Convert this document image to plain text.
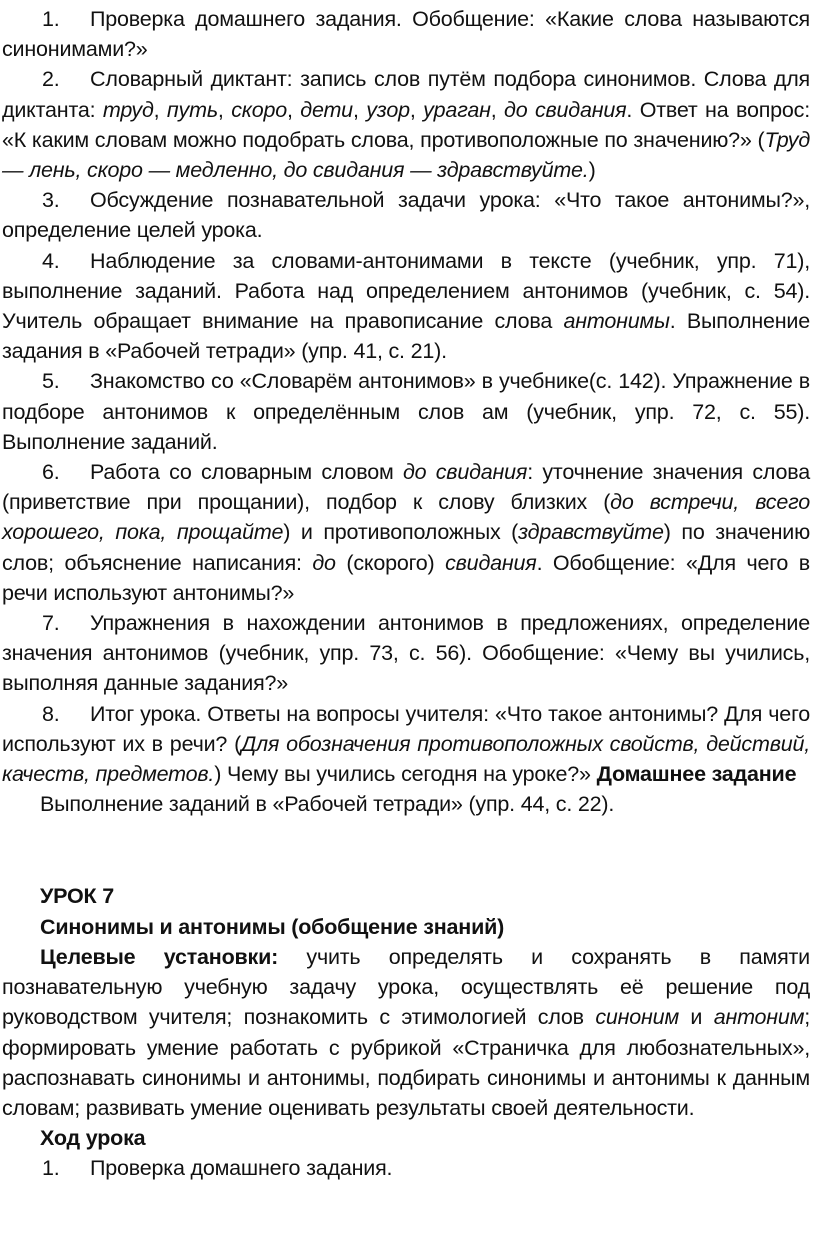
1. Проверка домашнего задания. Обобщение: «Какие слова называются синонимами?»

2. Словарный диктант: запись слов путём подбора синонимов. Слова для диктанта: труд, путь, скоро, дети, узор, ураган, до свидания. Ответ на вопрос: «К каким словам можно подобрать слова, противоположные по значению?» (Труд — лень, скоро — медленно, до свидания — здравствуйте.)

3. Обсуждение познавательной задачи урока: «Что такое антонимы?», определение целей урока.

4. Наблюдение за словами-антонимами в тексте (учебник, упр. 71), выполнение заданий. Работа над определением антонимов (учебник, с. 54). Учитель обращает внимание на правописание слова антонимы. Выполнение задания в «Рабочей тетради» (упр. 41, с. 21).

5. Знакомство со «Словарём антонимов» в учебнике(с. 142). Упражнение в подборе антонимов к определённым слов ам (учебник, упр. 72, с. 55). Выполнение заданий.

6. Работа со словарным словом до свидания: уточнение значения слова (приветствие при прощании), подбор к слову близких (до встречи, всего хорошего, пока, прощайте) и противоположных (здравствуйте) по значению слов; объяснение написания: до (скорого) свидания. Обобщение: «Для чего в речи используют антонимы?»

7. Упражнения в нахождении антонимов в предложениях, определение значения антонимов (учебник, упр. 73, с. 56). Обобщение: «Чему вы учились, выполняя данные задания?»

8. Итог урока. Ответы на вопросы учителя: «Что такое антонимы? Для чего используют их в речи? (Для обозначения противоположных свойств, действий, качеств, предметов.) Чему вы учились сегодня на уроке?» Домашнее задание

Выполнение заданий в «Рабочей тетради» (упр. 44, с. 22).

УРОК 7

Синонимы и антонимы (обобщение знаний)

Целевые установки: учить определять и сохранять в памяти познавательную учебную задачу урока, осуществлять её решение под руководством учителя; познакомить с этимологией слов синоним и антоним; формировать умение работать с рубрикой «Страничка для любознательных», распознавать синонимы и антонимы, подбирать синонимы и антонимы к данным словам; развивать умение оценивать результаты своей деятельности.

Ход урока

1. Проверка домашнего задания.
